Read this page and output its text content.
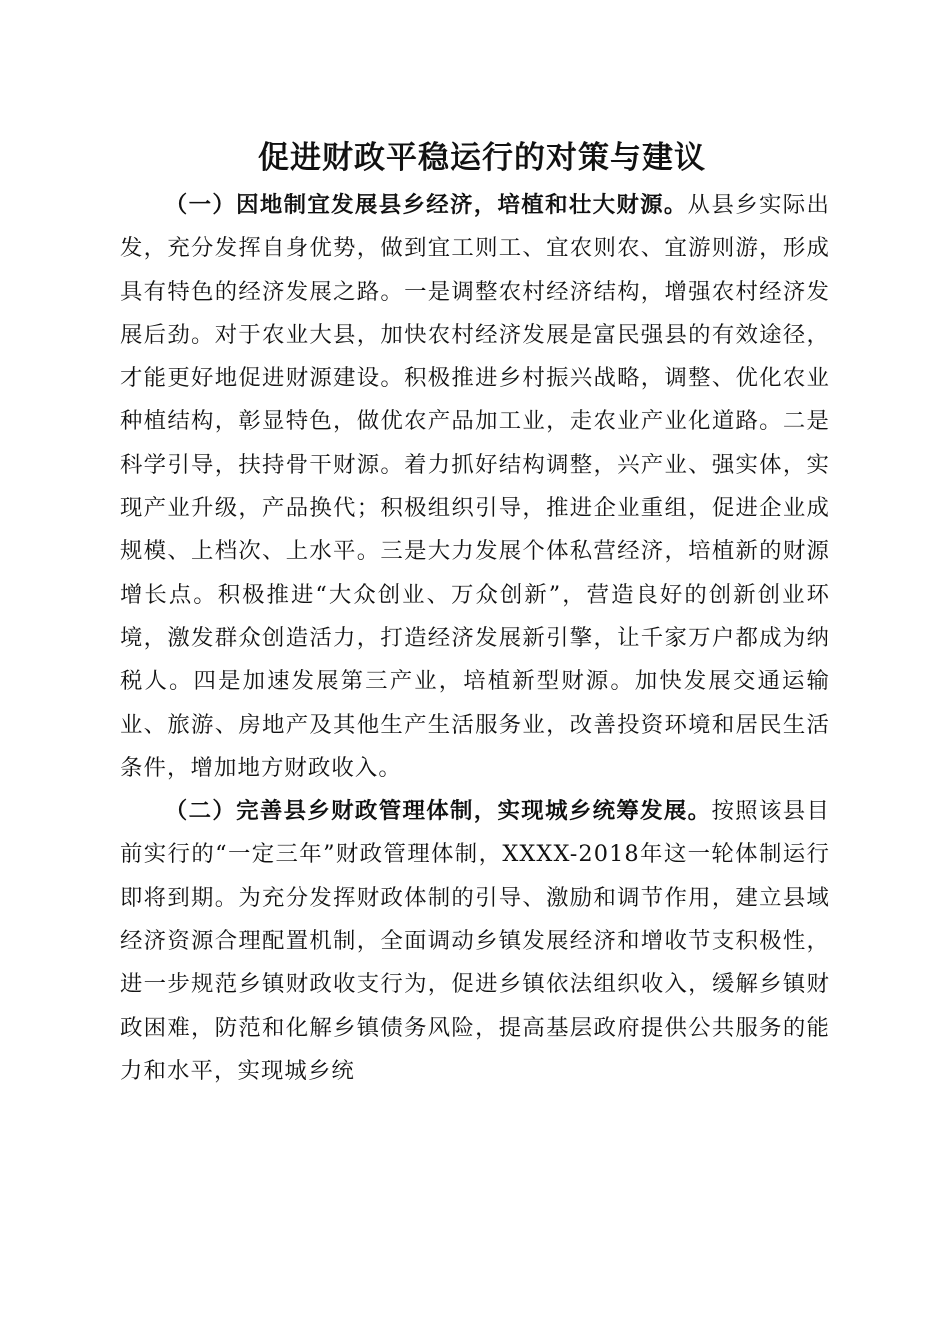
促进财政平稳运行的对策与建议

（一）因地制宜发展县乡经济，培植和壮大财源。从县乡实际出发，充分发挥自身优势，做到宜工则工、宜农则农、宜游则游，形成具有特色的经济发展之路。一是调整农村经济结构，增强农村经济发展后劲。对于农业大县，加快农村经济发展是富民强县的有效途径，才能更好地促进财源建设。积极推进乡村振兴战略，调整、优化农业种植结构，彰显特色，做优农产品加工业，走农业产业化道路。二是科学引导，扶持骨干财源。着力抓好结构调整，兴产业、强实体，实现产业升级，产品换代；积极组织引导，推进企业重组，促进企业成规模、上档次、上水平。三是大力发展个体私营经济，培植新的财源增长点。积极推进“大众创业、万众创新”，营造良好的创新创业环境，激发群众创造活力，打造经济发展新引擎，让千家万户都成为纳税人。四是加速发展第三产业，培植新型财源。加快发展交通运输业、旅游、房地产及其他生产生活服务业，改善投资环境和居民生活条件，增加地方财政收入。

（二）完善县乡财政管理体制，实现城乡统筹发展。按照该县目前实行的“一定三年”财政管理体制，XXXX-2018年这一轮体制运行即将到期。为充分发挥财政体制的引导、激励和调节作用，建立县域经济资源合理配置机制，全面调动乡镇发展经济和增收节支积极性，进一步规范乡镇财政收支行为，促进乡镇依法组织收入，缓解乡镇财政困难，防范和化解乡镇债务风险，提高基层政府提供公共服务的能力和水平，实现城乡统
